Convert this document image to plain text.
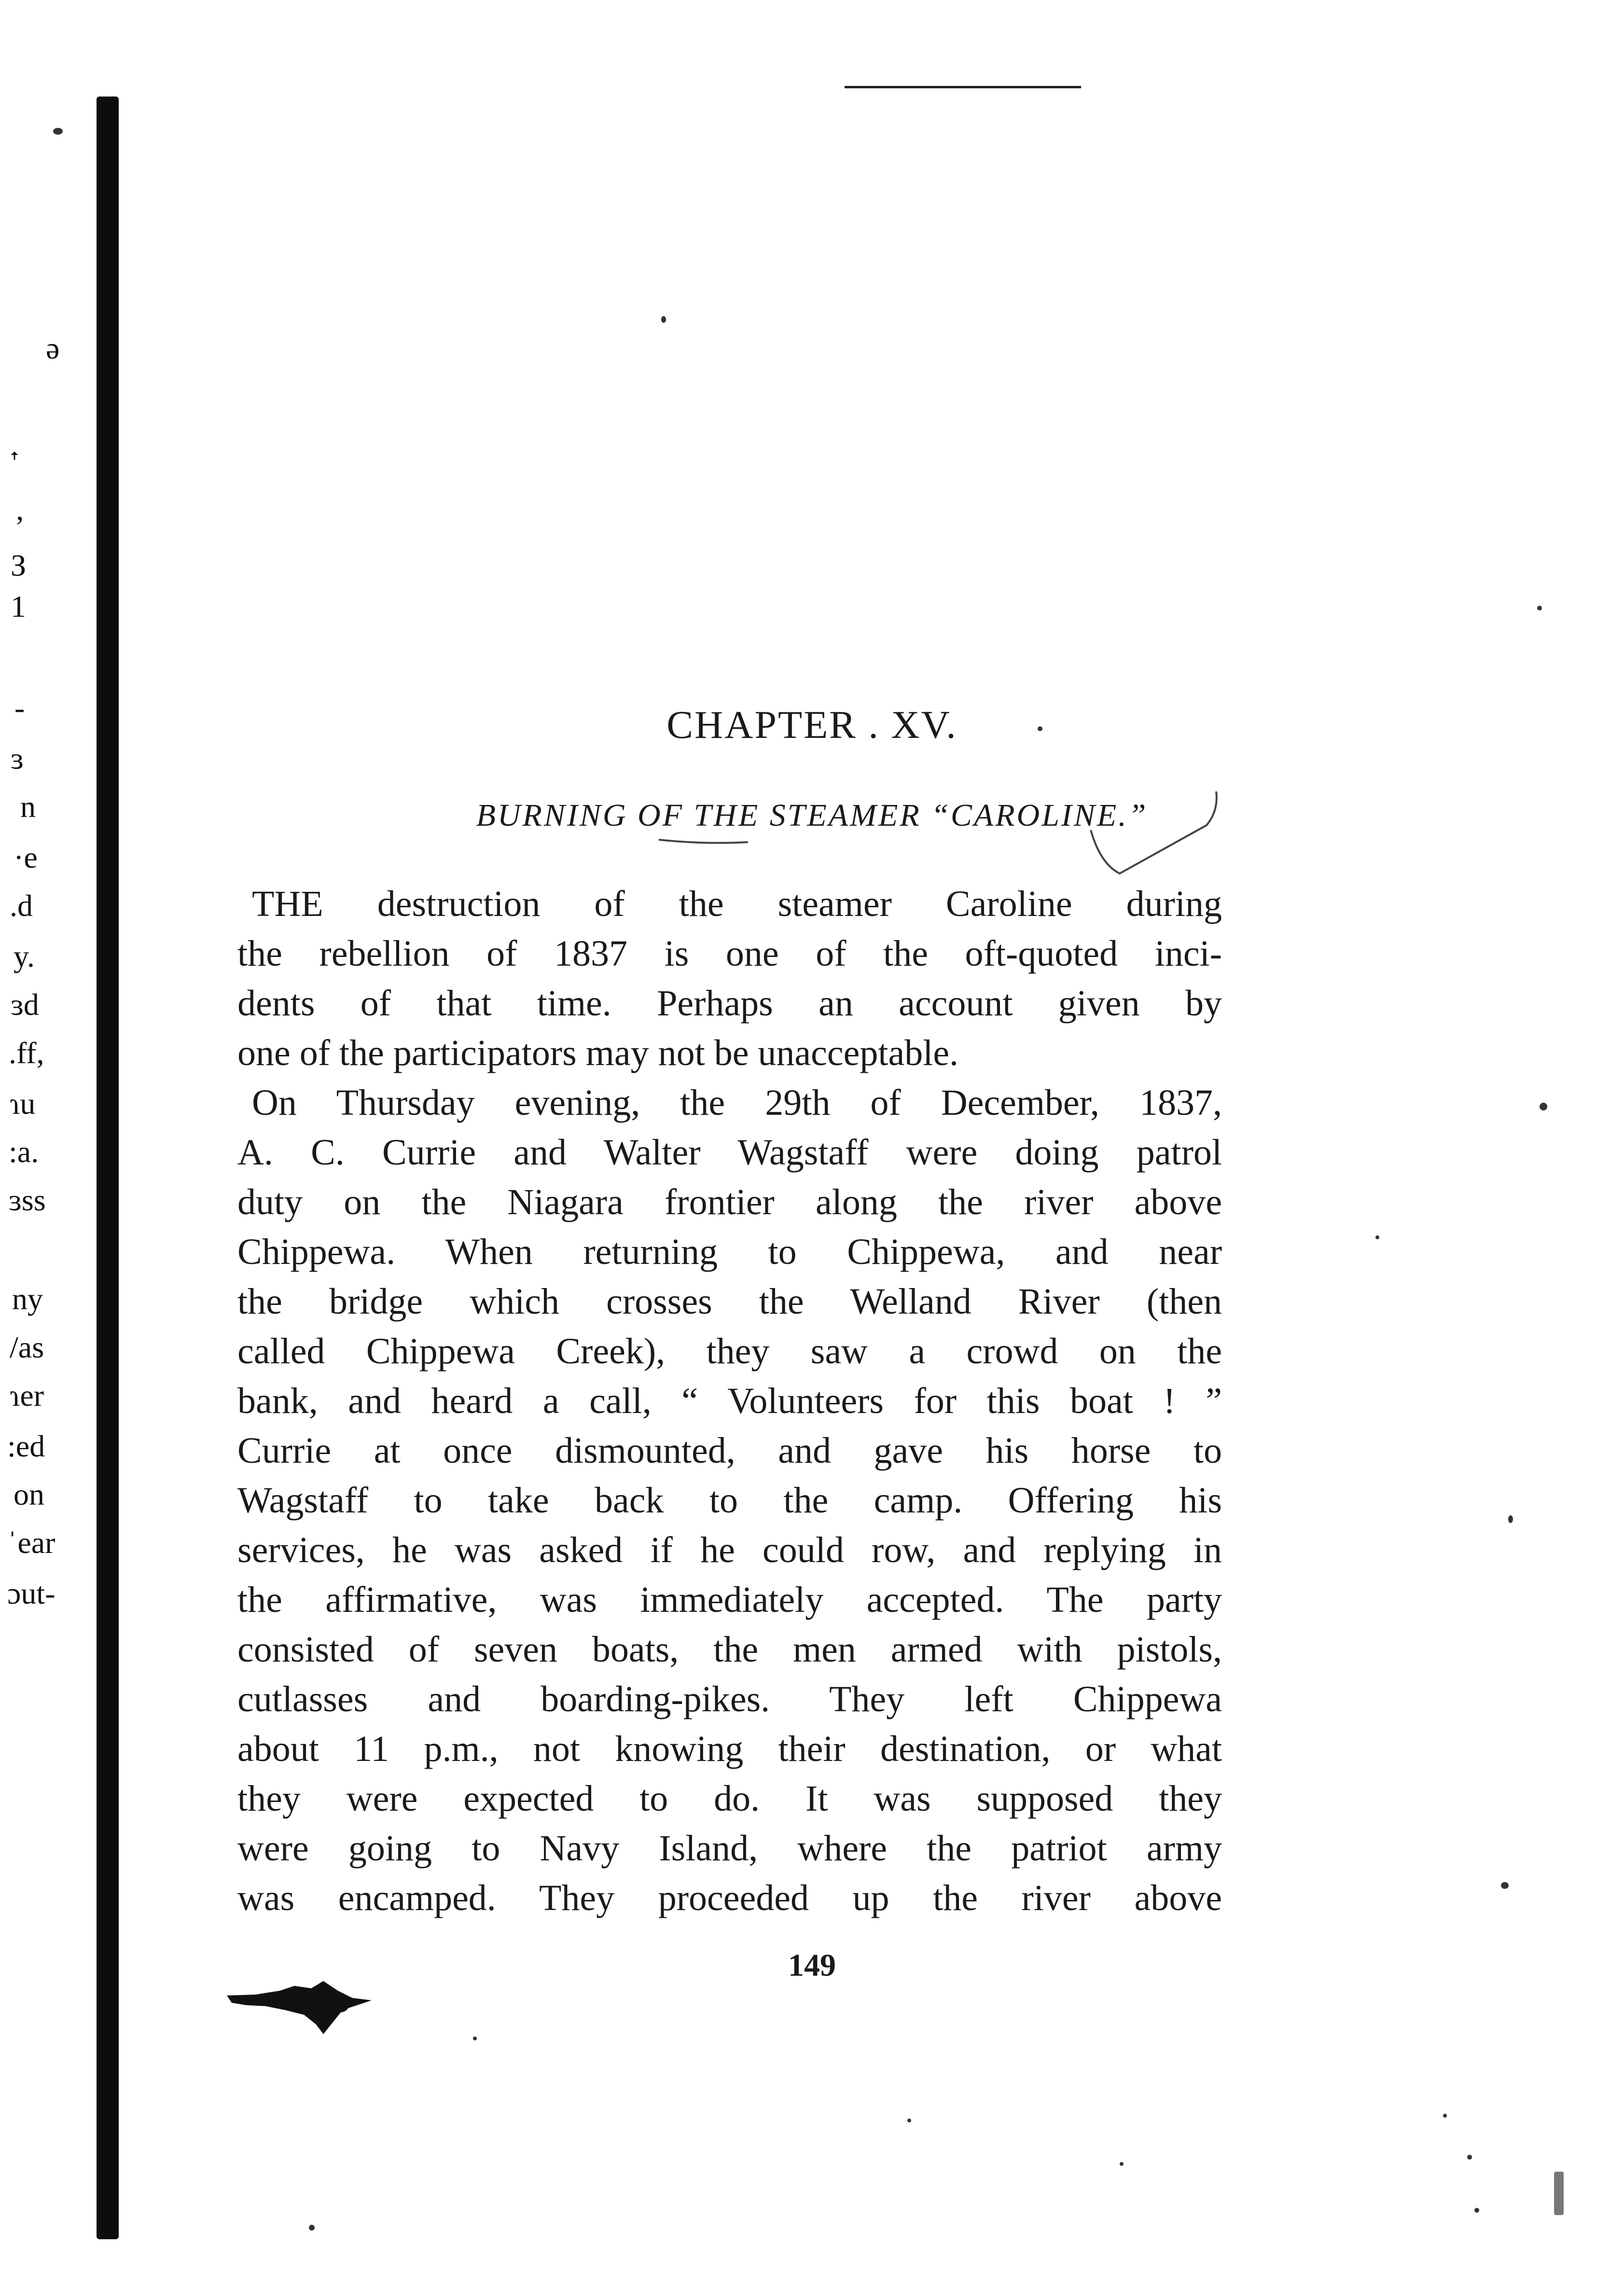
ә
’
З
1
-
ɜ
n
·e
.d
y.
ɜd
.ff,
ɿu
:a.
ɜss
ny
/as
ɿer
:ed
on
ˈear
ɔut-
ꜛ
CHAPTER . XV.
BURNING OF THE STEAMER “CAROLINE.”
THE destruction of the steamer Caroline during
the rebellion of 1837 is one of the oft-quoted inci-
dents of that time. Perhaps an account given by
one of the participators may not be unacceptable.
On Thursday evening, the 29th of December, 1837,
A. C. Currie and Walter Wagstaff were doing patrol
duty on the Niagara frontier along the river above
Chippewa. When returning to Chippewa, and near
the bridge which crosses the Welland River (then
called Chippewa Creek), they saw a crowd on the
bank, and heard a call, “ Volunteers for this boat ! ”
Currie at once dismounted, and gave his horse to
Wagstaff to take back to the camp. Offering his
services, he was asked if he could row, and replying in
the affirmative, was immediately accepted. The party
consisted of seven boats, the men armed with pistols,
cutlasses and boarding-pikes. They left Chippewa
about 11 p.m., not knowing their destination, or what
they were expected to do. It was supposed they
were going to Navy Island, where the patriot army
was encamped. They proceeded up the river above

149
